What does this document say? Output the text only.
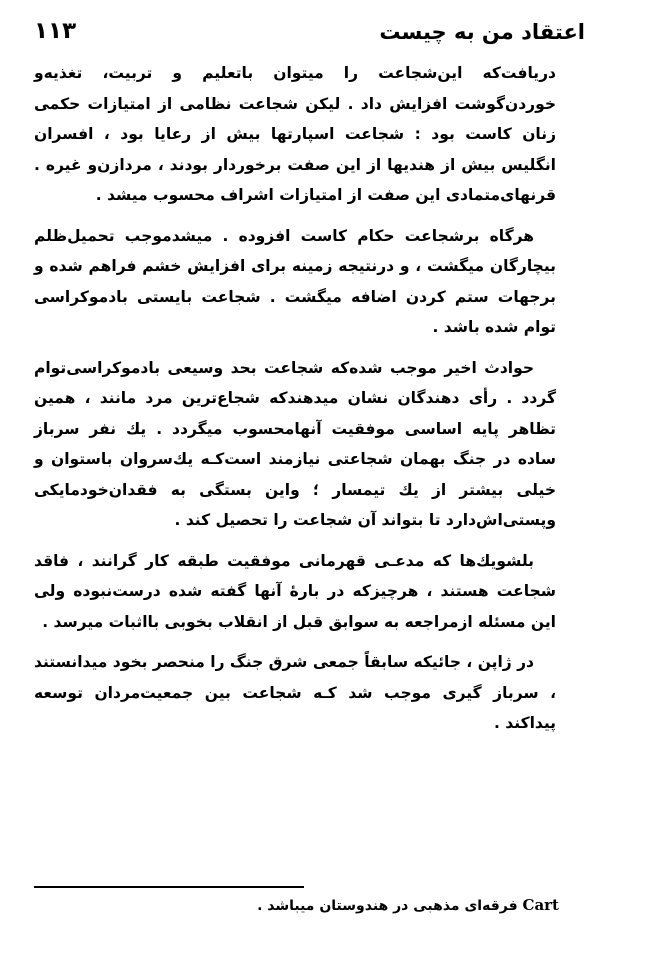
اعتقاد من به چیست
۱۱۳

دریافت‌که این‌شجاعت را میتوان باتعلیم و تربیت، تغذیه‌و خوردن‌گوشت افزایش داد . لیکن شجاعت نظامی از امتیازات حکمی زنان کاست بود : شجاعت اسپارتها بیش از رعایا بود ، افسران انگلیس بیش از هندیها از این صفت برخوردار بودند ، مردازن‌و غیره . قرنهای‌متمادی این صفت از امتیازات اشراف محسوب میشد .

هرگاه برشجاعت حکام کاست افزوده . میشدموجب تحمیل‌ظلم بیچارگان میگشت ، و درنتیجه زمینه برای افزایش خشم فراهم شده و برجهات ستم کردن اضافه میگشت . شجاعت بایستی بادموکراسی توام شده باشد .

حوادث اخیر موجب شده‌که شجاعت بحد وسیعی بادموکراسی‌توام گردد . رأی دهندگان نشان میدهندکه شجاع‌ترین مرد مانند ، همین تظاهر پایه اساسی موفقیت آنهامحسوب میگردد . یك نفر سرباز ساده در جنگ بهمان شجاعتی نیازمند است‌کـه یك‌سروان باستوان و خیلی بیشتر از یك تیمسار ؛ واین بستگی به فقدان‌خودمایکی وپستی‌اش‌دارد تا بتواند آن شجاعت را تحصیل کند .

بلشویك‌ها که مدعـی قهرمانی موفقیت طبقه کار گرانند ، فاقد شجاعت هستند ، هرچیزکه در بارهٔ آنها گفته شده درست‌نبوده ولی این مسئله ازمراجعه به سوابق قبل از انقلاب بخوبی بااثبات میرسد .

در ژاپن ، جائیکه سابقاً جمعی شرق جنگ را منحصر بخود میدانستند ، سرباز گیری موجب شد کـه شجاعت بین جمعیت‌مردان توسعه پیداکند .

Cart فرقه‌ای مذهبی در هندوستان میباشد .
